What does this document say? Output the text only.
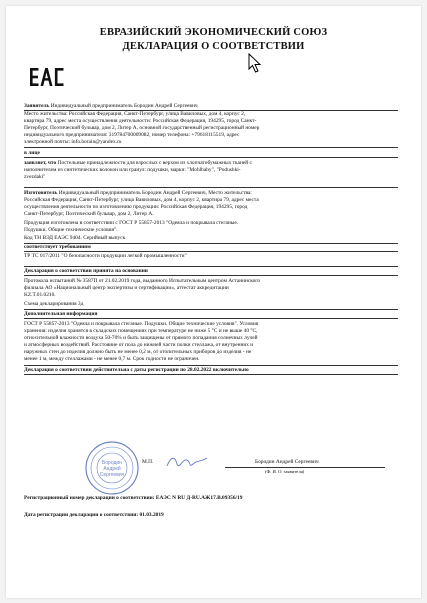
ЕВРАЗИЙСКИЙ ЭКОНОМИЧЕСКИЙ СОЮЗ
ДЕКЛАРАЦИЯ О СООТВЕТСТВИИ
Заявитель Индивидуальный предприниматель Бородин Андрей Сергеевич
Место жительства: Российская Федерация, Санкт-Петербург, улица Вавиловых, дом 4, корпус 2,
квартира 79, адрес места осуществления деятельности: Российская Федерация, 194295, город Санкт-
Петербург, Поэтический бульвар, дом 2, Литер А, основной государственный регистрационный номер
индивидуального предпринимателя: 319784700009082, номер телефона: +79618115519, адрес
электронной почты: info.borain@yandex.ru
в лице
заявляет, что Постельные принадлежности для взрослых с верхом из хлопчатобумажных тканей с
наполнителем из синтетических волокон или гранул: подушки, марки: "Mohlbaby", "Podushki-
zvezdaki"
Изготовитель Индивидуальный предприниматель Бородин Андрей Сергеевич, Место жительства:
Российская Федерация, Санкт-Петербург, улица Вавиловых, дом 4, корпус 2, квартира 79, адрес места
осуществления деятельности по изготовлению продукции: Российская Федерация, 194295, город
Санкт-Петербург, Поэтический бульвар, дом 2, Литер А.
Продукция изготовлена в соответствии с ГОСТ Р 55857-2013 "Одеяла и покрывала стеганые.
Подушки. Общие технические условия".
Код ТН ВЭД ЕАЭС 9404. Серийный выпуск
соответствует требованиям
ТР ТС 017/2011 "О безопасности продукции легкой промышленности"
Декларация о соответствии принята на основании
Протокола испытаний № 3587П от 21.02.2019 года, выданного Испытательным центром Астанинского
филиала АО «Национальный центр экспертизы и сертификации», аттестат аккредитации
KZ.T.01.0210.
Схема декларирования 3д
Дополнительная информация
ГОСТ Р 55857-2013 "Одеяла и покрывала стеганые. Подушки. Общие технические условия". Условия
хранения: изделия хранятся в складских помещениях при температуре не ниже 5 °С и не выше 40 °С,
относительной влажности воздуха 50-70% и быть защищены от прямого попадания солнечных лучей
и атмосферных воздействий. Расстояние от пола до нижней части полки стеллажа, от внутренних и
наружных стен до изделия должно быть не менее 0,2 м, от отопительных приборов до изделия - не
менее 1 м, между стеллажами - не менее 0,7 м. Срок годности не ограничен.
Декларация о соответствии действительна с даты регистрации по 28.02.2022 включительно
Бородин
Андрей
Сергеевич
М.П.	Бородин Андрей Сергеевич
(Ф. И. О. заявителя)
Регистрационный номер декларации о соответствии: ЕАЭС N RU Д-RU.АЖ17.В.09356/19
Дата регистрации декларации о соответствии: 01.03.2019
